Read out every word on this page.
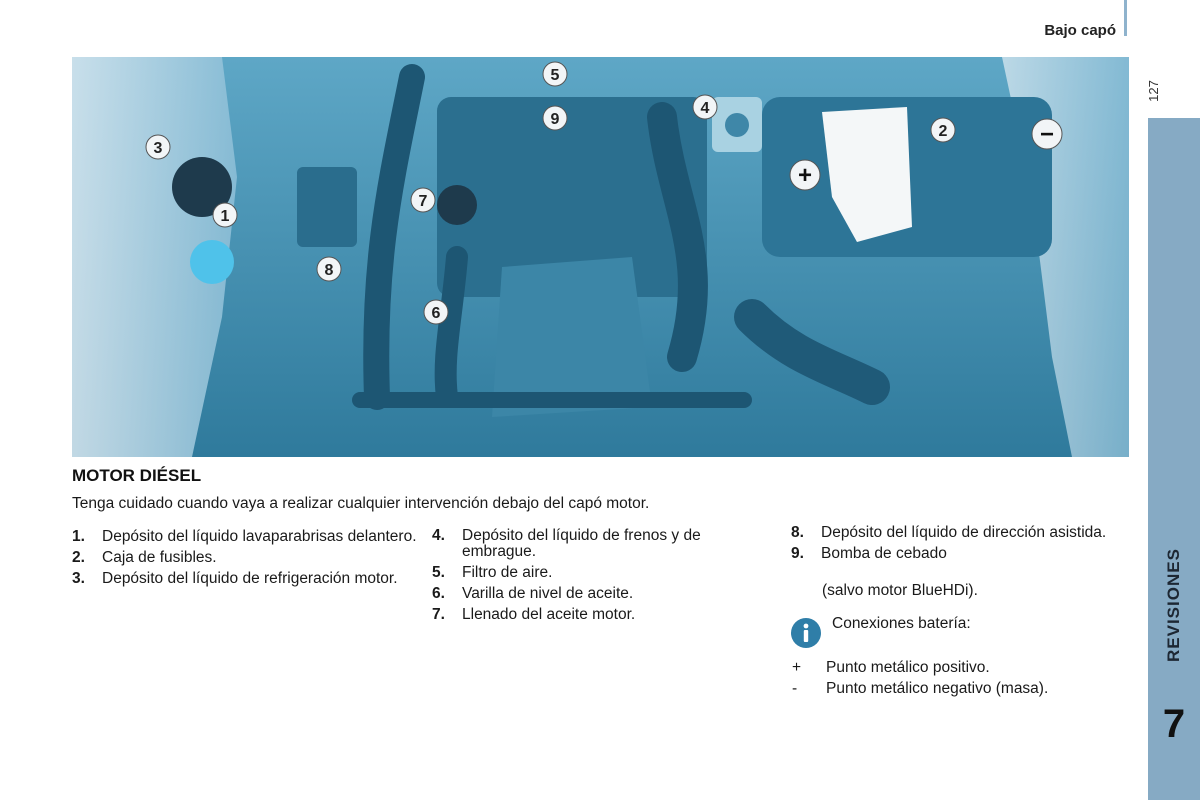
Bajo capó
127
REVISIONES
7
1
2
3
4
5
6
7
8
9
+
−
MOTOR DIÉSEL

Tenga cuidado cuando vaya a realizar cualquier intervención debajo del capó motor.

1.	Depósito del líquido lavaparabrisas delantero.
2.	Caja de fusibles.
3.	Depósito del líquido de refrigeración motor.
4.	Depósito del líquido de frenos y de embrague.
5.	Filtro de aire.
6.	Varilla de nivel de aceite.
7.	Llenado del aceite motor.
8.	Depósito del líquido de dirección asistida.
9.	Bomba de cebado
(salvo motor BlueHDi).
Conexiones batería:
+	Punto metálico positivo.
-	Punto metálico negativo (masa).
